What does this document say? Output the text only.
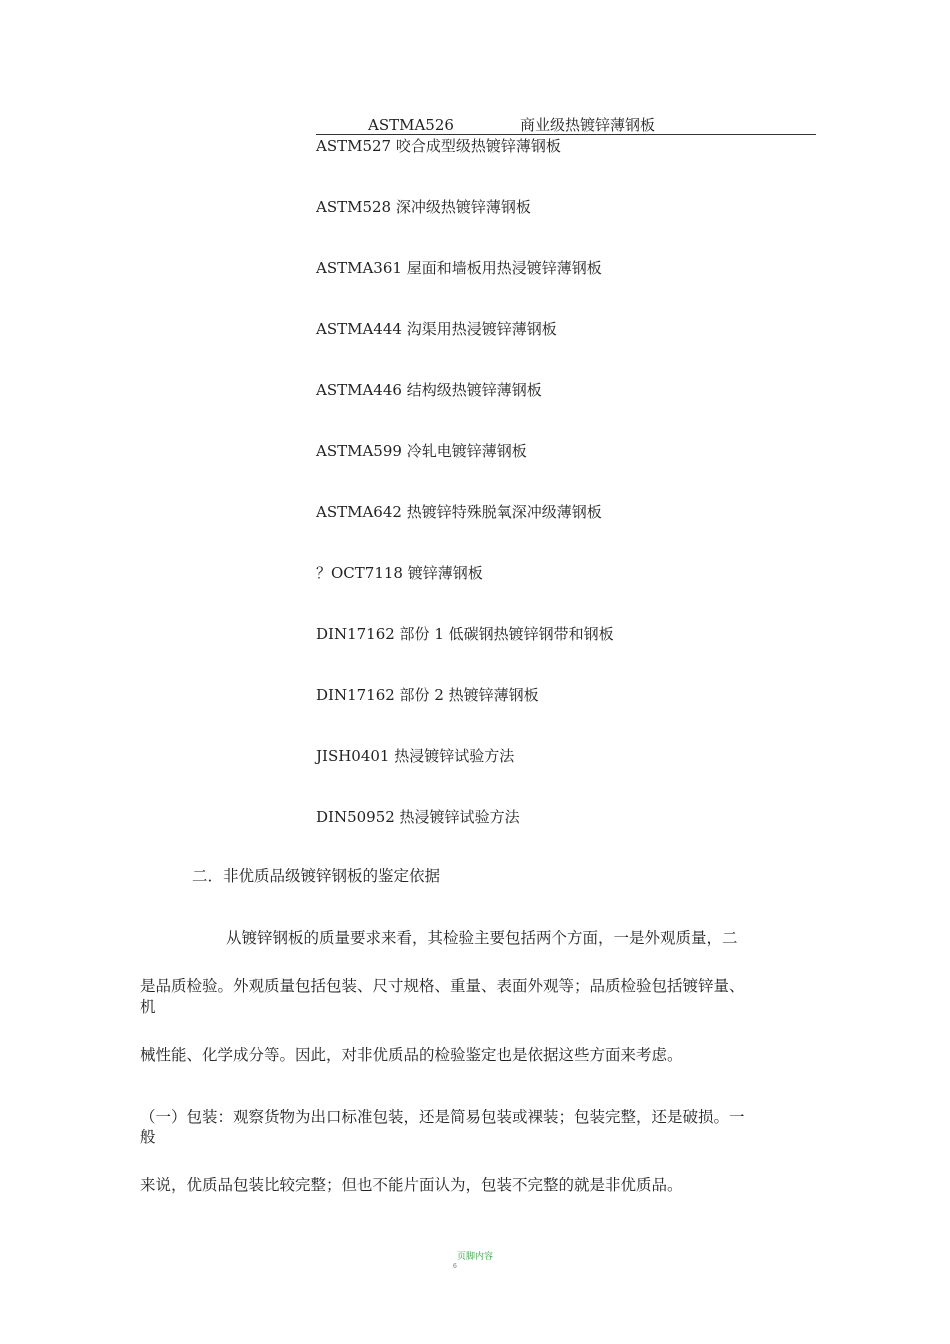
ASTMA526	商业级热镀锌薄钢板
ASTM527 咬合成型级热镀锌薄钢板
ASTM528 深冲级热镀锌薄钢板
ASTMA361 屋面和墙板用热浸镀锌薄钢板
ASTMA444 沟渠用热浸镀锌薄钢板
ASTMA446 结构级热镀锌薄钢板
ASTMA599 冷轧电镀锌薄钢板
ASTMA642 热镀锌特殊脱氧深冲级薄钢板
？OCT7118 镀锌薄钢板
DIN17162 部份 1 低碳钢热镀锌钢带和钢板
DIN17162 部份 2 热镀锌薄钢板
JISH0401 热浸镀锌试验方法
DIN50952 热浸镀锌试验方法
二．非优质品级镀锌钢板的鉴定依据
从镀锌钢板的质量要求来看，其检验主要包括两个方面，一是外观质量，二
是品质检验。外观质量包括包装、尺寸规格、重量、表面外观等；品质检验包括镀锌量、
机
械性能、化学成分等。因此，对非优质品的检验鉴定也是依据这些方面来考虑。
（一）包装：观察货物为出口标准包装，还是简易包装或裸装；包装完整，还是破损。一
般
来说，优质品包装比较完整；但也不能片面认为，包装不完整的就是非优质品。
页脚内容
6
